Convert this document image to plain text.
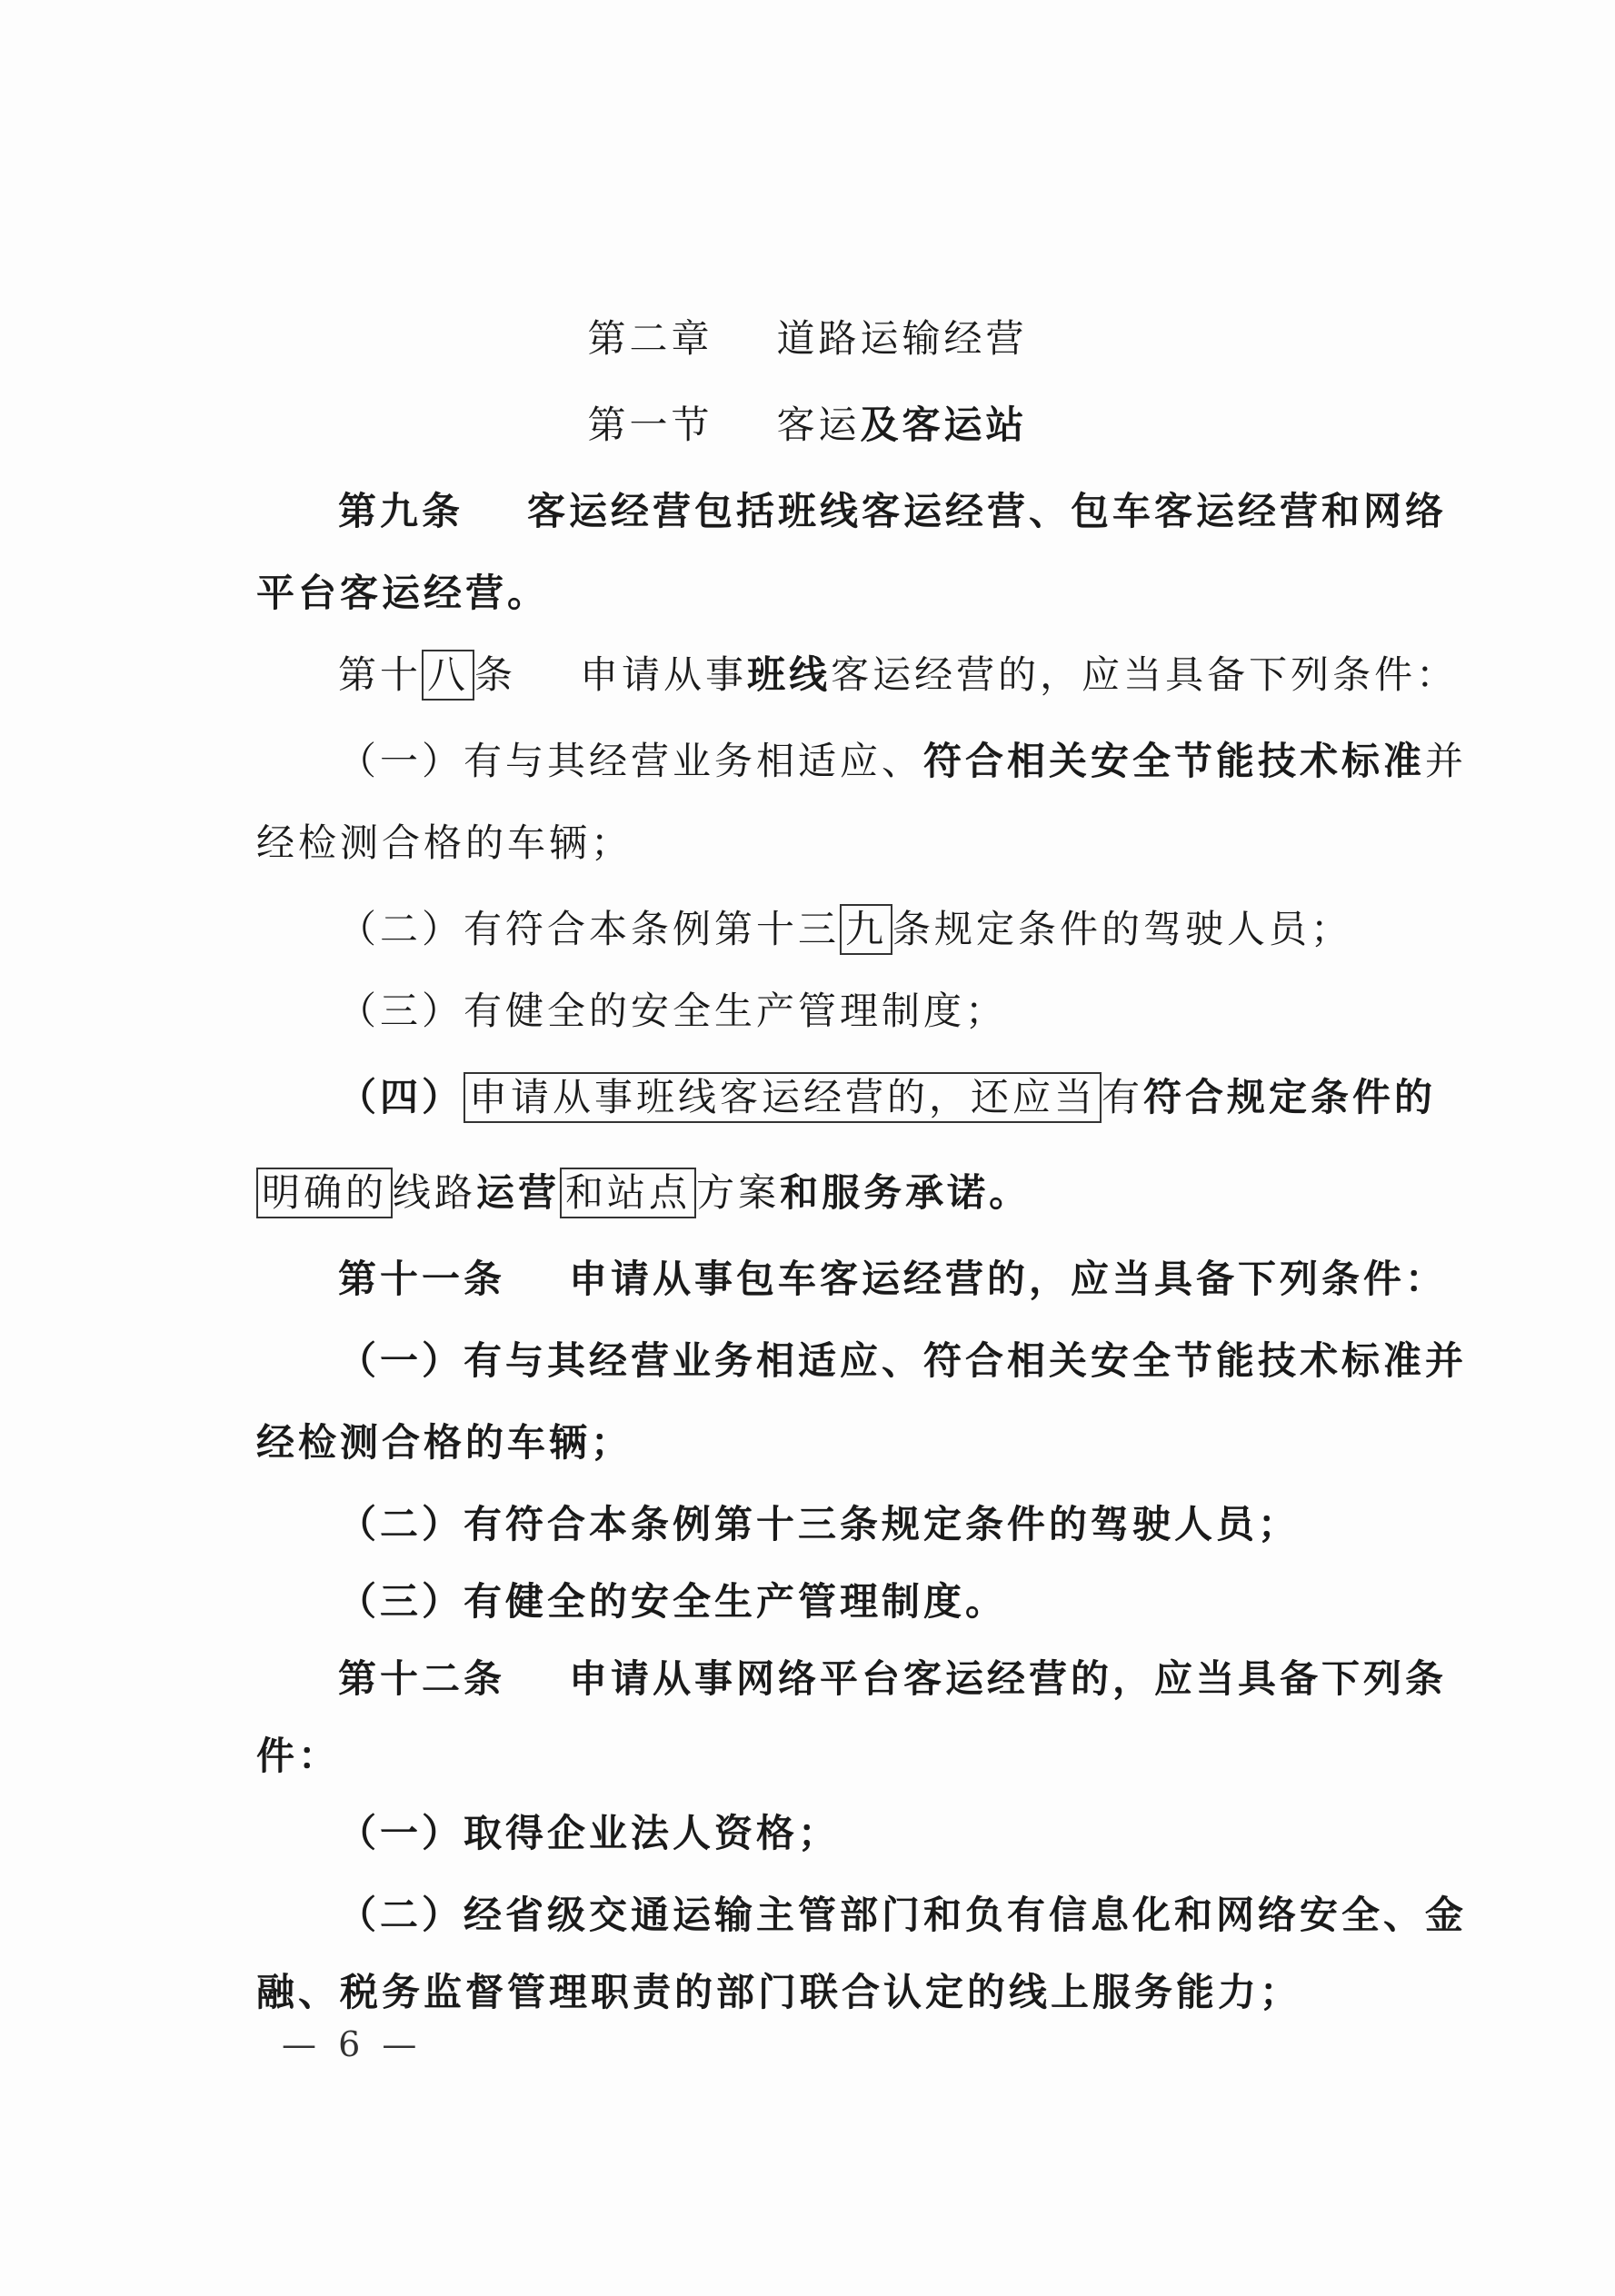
第二章 道路运输经营
第一节 客运及客运站
第九条 客运经营包括班线客运经营、包车客运经营和网络
平台客运经营。
第十 八 条 申请从事班线客运经营的，应当具备下列条件：
（一）有与其经营业务相适应、符合相关安全节能技术标准并
经检测合格的车辆；
（二）有符合本条例第十三 九 条规定条件的驾驶人员；
（三）有健全的安全生产管理制度；
（四） 申请从事班线客运经营的，还应当 有符合规定条件的
明确的 线路运营 和站点 方案和服务承诺。
第十一条 申请从事包车客运经营的，应当具备下列条件：
（一）有与其经营业务相适应、符合相关安全节能技术标准并
经检测合格的车辆；
（二）有符合本条例第十三条规定条件的驾驶人员；
（三）有健全的安全生产管理制度。
第十二条 申请从事网络平台客运经营的，应当具备下列条
件：
（一）取得企业法人资格；
（二）经省级交通运输主管部门和负有信息化和网络安全、金
融、税务监督管理职责的部门联合认定的线上服务能力；
— 6 —
